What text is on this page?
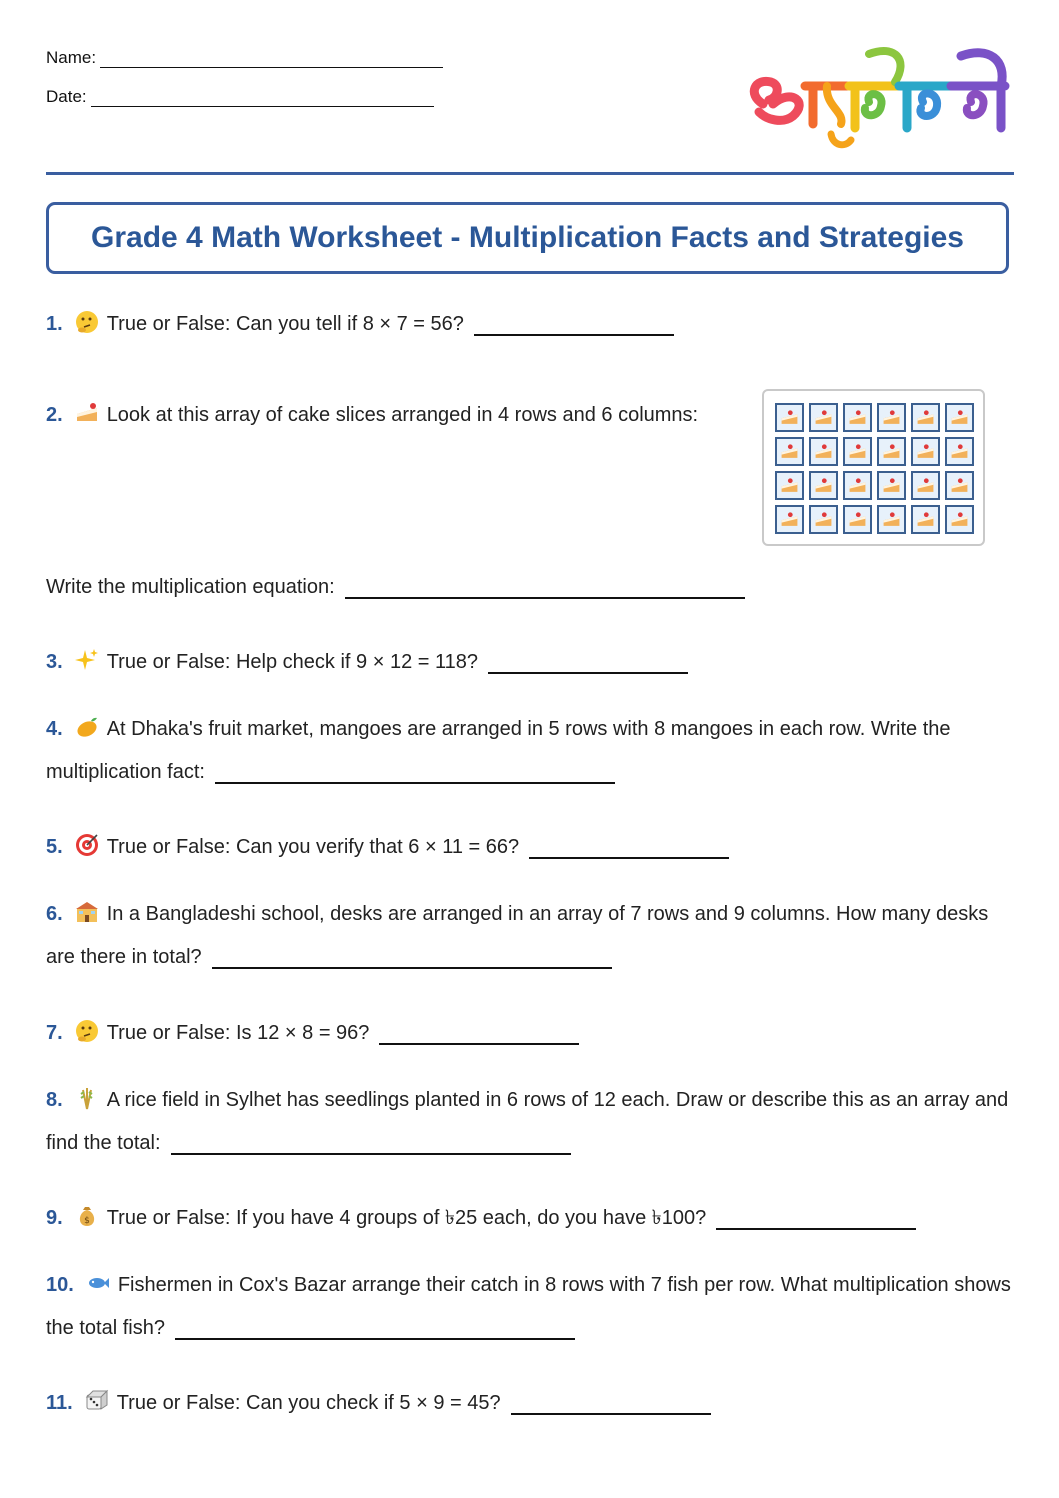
Name:
Date:
Grade 4 Math Worksheet - Multiplication Facts and Strategies
1. True or False: Can you tell if 8 × 7 = 56?
2. Look at this array of cake slices arranged in 4 rows and 6 columns:
Write the multiplication equation:
3. True or False: Help check if 9 × 12 = 118?
4. At Dhaka's fruit market, mangoes are arranged in 5 rows with 8 mangoes in each row. Write the multiplication fact:
5. True or False: Can you verify that 6 × 11 = 66?
6. In a Bangladeshi school, desks are arranged in an array of 7 rows and 9 columns. How many desks are there in total?
7. True or False: Is 12 × 8 = 96?
8. A rice field in Sylhet has seedlings planted in 6 rows of 12 each. Draw or describe this as an array and find the total:
9. $ True or False: If you have 4 groups of ৳25 each, do you have ৳100?
10. Fishermen in Cox's Bazar arrange their catch in 8 rows with 7 fish per row. What multiplication shows the total fish?
11. True or False: Can you check if 5 × 9 = 45?
